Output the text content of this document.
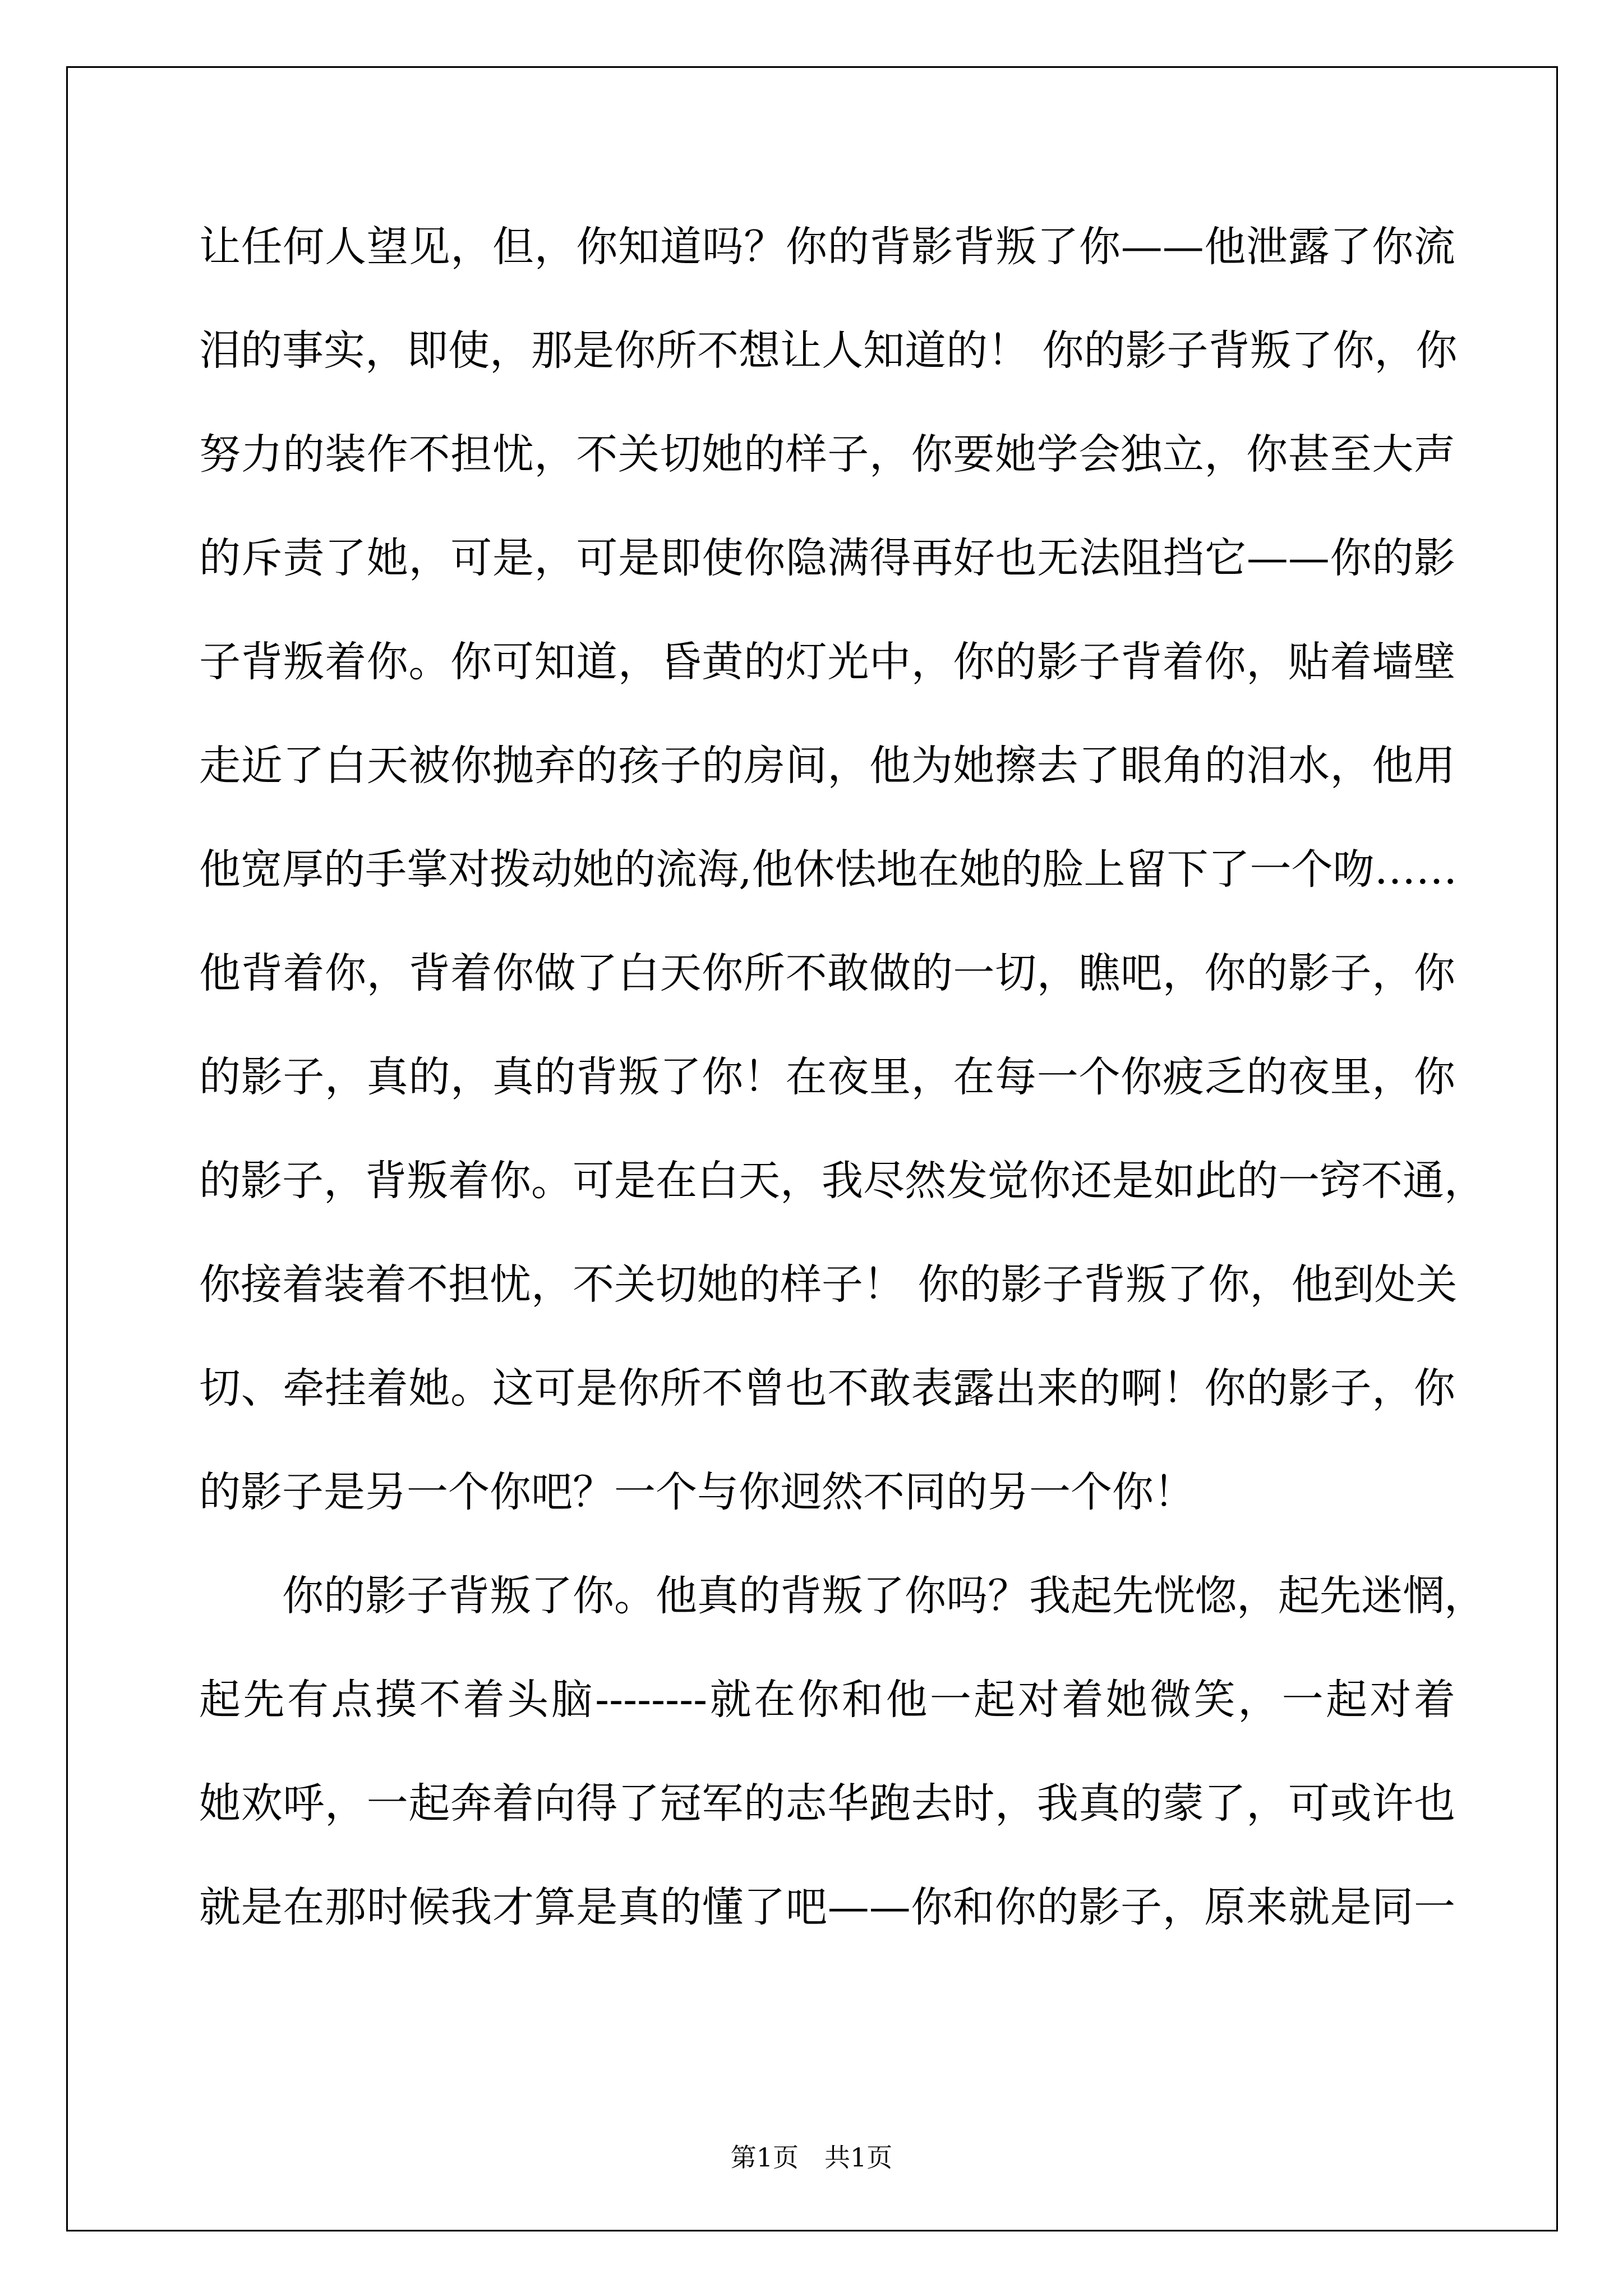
让任何人望见，但，你知道吗？你的背影背叛了你——他泄露了你流
泪的事实，即使，那是你所不想让人知道的！ 你的影子背叛了你，你
努力的装作不担忧，不关切她的样子，你要她学会独立，你甚至大声
的斥责了她，可是，可是即使你隐满得再好也无法阻挡它——你的影
子背叛着你。你可知道，昏黄的灯光中，你的影子背着你，贴着墙壁
走近了白天被你抛弃的孩子的房间，他为她擦去了眼角的泪水，他用
他宽厚的手掌对拨动她的流海,他休怯地在她的脸上留下了一个吻……
他背着你，背着你做了白天你所不敢做的一切，瞧吧，你的影子，你
的影子，真的，真的背叛了你！在夜里，在每一个你疲乏的夜里，你
的影子，背叛着你。可是在白天，我尽然发觉你还是如此的一窍不通，
你接着装着不担忧，不关切她的样子！ 你的影子背叛了你，他到处关
切、牵挂着她。这可是你所不曾也不敢表露出来的啊！你的影子，你
的影子是另一个你吧？一个与你迥然不同的另一个你！
你的影子背叛了你。他真的背叛了你吗？我起先恍惚，起先迷惘，
起先有点摸不着头脑--------就在你和他一起对着她微笑，一起对着
她欢呼，一起奔着向得了冠军的志华跑去时，我真的蒙了，可或许也
就是在那时候我才算是真的懂了吧——你和你的影子，原来就是同一
第1页 共1页
